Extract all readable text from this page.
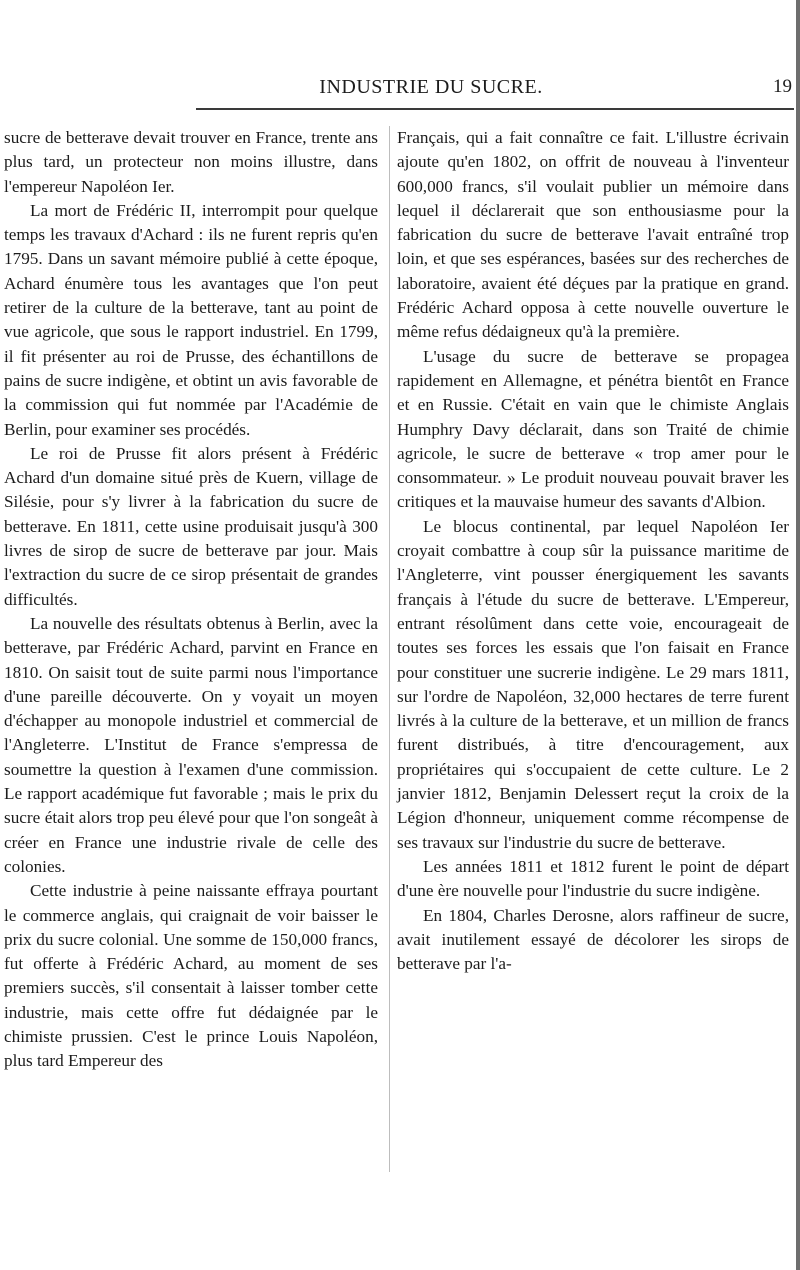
INDUSTRIE DU SUCRE.	19

sucre de betterave devait trouver en France, trente ans plus tard, un protecteur non moins illustre, dans l'empereur Napoléon Ier.

La mort de Frédéric II, interrompit pour quelque temps les travaux d'Achard : ils ne furent repris qu'en 1795. Dans un savant mémoire publié à cette époque, Achard énumère tous les avantages que l'on peut retirer de la culture de la betterave, tant au point de vue agricole, que sous le rapport industriel. En 1799, il fit présenter au roi de Prusse, des échantillons de pains de sucre indigène, et obtint un avis favorable de la commission qui fut nommée par l'Académie de Berlin, pour examiner ses procédés.

Le roi de Prusse fit alors présent à Frédéric Achard d'un domaine situé près de Kuern, village de Silésie, pour s'y livrer à la fabrication du sucre de betterave. En 1811, cette usine produisait jusqu'à 300 livres de sirop de sucre de betterave par jour. Mais l'extraction du sucre de ce sirop présentait de grandes difficultés.

La nouvelle des résultats obtenus à Berlin, avec la betterave, par Frédéric Achard, parvint en France en 1810. On saisit tout de suite parmi nous l'importance d'une pareille découverte. On y voyait un moyen d'échapper au monopole industriel et commercial de l'Angleterre. L'Institut de France s'empressa de soumettre la question à l'examen d'une commission. Le rapport académique fut favorable ; mais le prix du sucre était alors trop peu élevé pour que l'on songeât à créer en France une industrie rivale de celle des colonies.

Cette industrie à peine naissante effraya pourtant le commerce anglais, qui craignait de voir baisser le prix du sucre colonial. Une somme de 150,000 francs, fut offerte à Frédéric Achard, au moment de ses premiers succès, s'il consentait à laisser tomber cette industrie, mais cette offre fut dédaignée par le chimiste prussien. C'est le prince Louis Napoléon, plus tard Empereur des

Français, qui a fait connaître ce fait. L'illustre écrivain ajoute qu'en 1802, on offrit de nouveau à l'inventeur 600,000 francs, s'il voulait publier un mémoire dans lequel il déclarerait que son enthousiasme pour la fabrication du sucre de betterave l'avait entraîné trop loin, et que ses espérances, basées sur des recherches de laboratoire, avaient été déçues par la pratique en grand. Frédéric Achard opposa à cette nouvelle ouverture le même refus dédaigneux qu'à la première.

L'usage du sucre de betterave se propagea rapidement en Allemagne, et pénétra bientôt en France et en Russie. C'était en vain que le chimiste Anglais Humphry Davy déclarait, dans son Traité de chimie agricole, le sucre de betterave « trop amer pour le consommateur. » Le produit nouveau pouvait braver les critiques et la mauvaise humeur des savants d'Albion.

Le blocus continental, par lequel Napoléon Ier croyait combattre à coup sûr la puissance maritime de l'Angleterre, vint pousser énergiquement les savants français à l'étude du sucre de betterave. L'Empereur, entrant résolûment dans cette voie, encourageait de toutes ses forces les essais que l'on faisait en France pour constituer une sucrerie indigène. Le 29 mars 1811, sur l'ordre de Napoléon, 32,000 hectares de terre furent livrés à la culture de la betterave, et un million de francs furent distribués, à titre d'encouragement, aux propriétaires qui s'occupaient de cette culture. Le 2 janvier 1812, Benjamin Delessert reçut la croix de la Légion d'honneur, uniquement comme récompense de ses travaux sur l'industrie du sucre de betterave.

Les années 1811 et 1812 furent le point de départ d'une ère nouvelle pour l'industrie du sucre indigène.

En 1804, Charles Derosne, alors raffineur de sucre, avait inutilement essayé de décolorer les sirops de betterave par l'a-
